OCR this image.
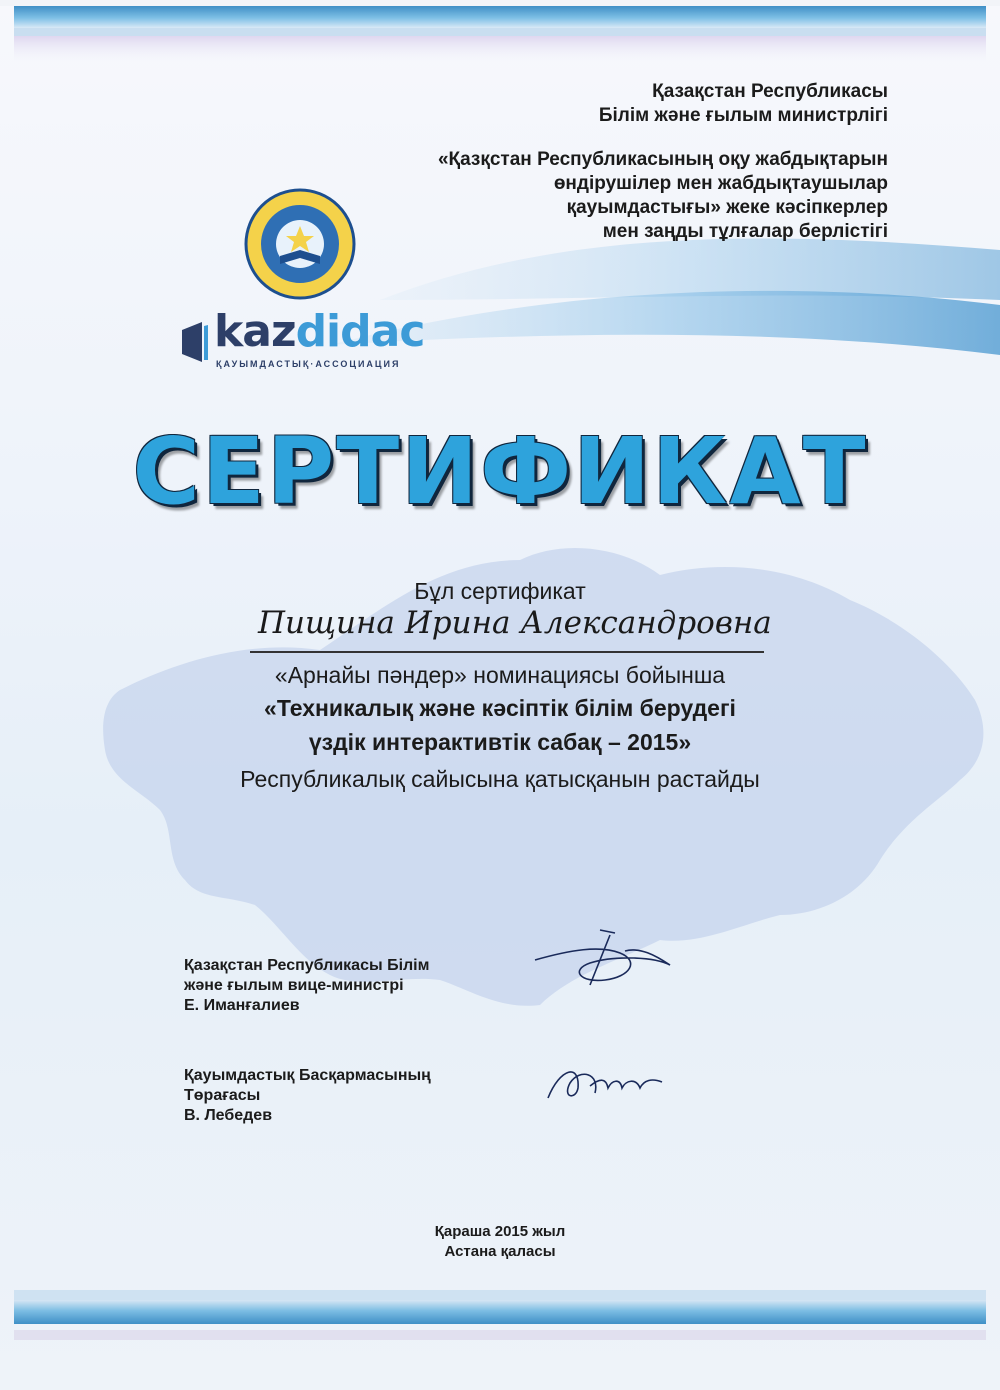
Қазақстан Республикасы
Білім және ғылым министрлігі
«Қазқстан Республикасының оқу жабдықтарын
өндірушілер мен жабдықтаушылар
қауымдастығы» жеке кәсіпкерлер
мен заңды тұлғалар берлістігі
kazdidac
ҚАУЫМДАСТЫҚ·АССОЦИАЦИЯ
СЕРТИФИКАТ
Бұл сертификат
Пищина Ирина Александровна
«Арнайы пәндер» номинациясы бойынша
«Техникалық және кәсіптік білім берудегі
үздік интерактивтік сабақ – 2015»
Республикалық сайысына қатысқанын растайды
Қазақстан Республикасы Білім
және ғылым вице-министрі
Е. Иманғалиев
Қауымдастық Басқармасының
Төрағасы
В. Лебедев
Қараша 2015 жыл
Астана қаласы
